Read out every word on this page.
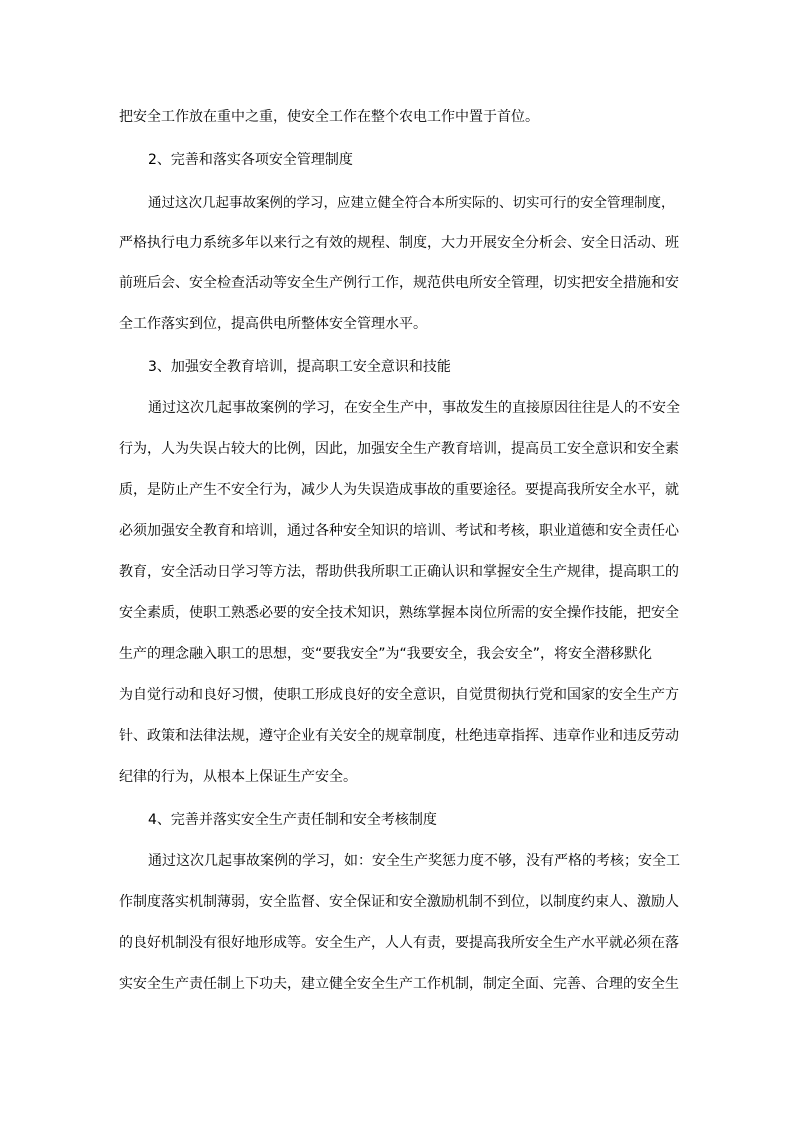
把安全工作放在重中之重，使安全工作在整个农电工作中置于首位。

2、完善和落实各项安全管理制度

通过这次几起事故案例的学习，应建立健全符合本所实际的、切实可行的安全管理制度，

严格执行电力系统多年以来行之有效的规程、制度，大力开展安全分析会、安全日活动、班

前班后会、安全检查活动等安全生产例行工作，规范供电所安全管理，切实把安全措施和安

全工作落实到位，提高供电所整体安全管理水平。

3、加强安全教育培训，提高职工安全意识和技能

通过这次几起事故案例的学习，在安全生产中，事故发生的直接原因往往是人的不安全

行为，人为失误占较大的比例，因此，加强安全生产教育培训，提高员工安全意识和安全素

质，是防止产生不安全行为，减少人为失误造成事故的重要途径。要提高我所安全水平，就

必须加强安全教育和培训，通过各种安全知识的培训、考试和考核，职业道德和安全责任心

教育，安全活动日学习等方法，帮助供我所职工正确认识和掌握安全生产规律，提高职工的

安全素质，使职工熟悉必要的安全技术知识，熟练掌握本岗位所需的安全操作技能，把安全

生产的理念融入职工的思想，变“要我安全”为“我要安全，我会安全”，将安全潜移默化

为自觉行动和良好习惯，使职工形成良好的安全意识，自觉贯彻执行党和国家的安全生产方

针、政策和法律法规，遵守企业有关安全的规章制度，杜绝违章指挥、违章作业和违反劳动

纪律的行为，从根本上保证生产安全。

4、完善并落实安全生产责任制和安全考核制度

通过这次几起事故案例的学习，如：安全生产奖惩力度不够，没有严格的考核；安全工

作制度落实机制薄弱，安全监督、安全保证和安全激励机制不到位，以制度约束人、激励人

的良好机制没有很好地形成等。安全生产，人人有责，要提高我所安全生产水平就必须在落

实安全生产责任制上下功夫，建立健全安全生产工作机制，制定全面、完善、合理的安全生
